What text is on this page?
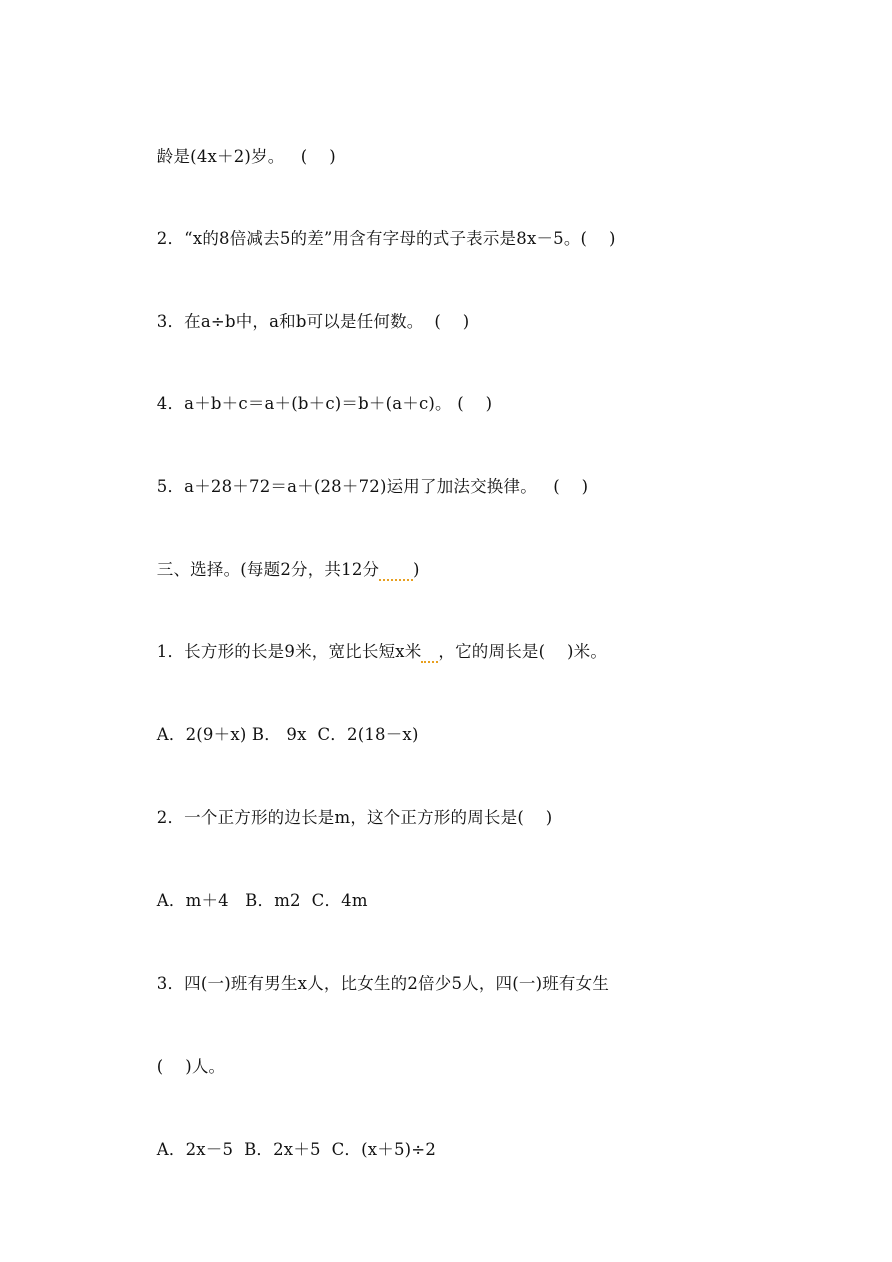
龄是(4x＋2)岁。   (    )

2．“x的8倍减去5的差”用含有字母的式子表示是8x－5。(    )

3．在a÷b中，a和b可以是任何数。  (    )

4．a＋b＋c＝a＋(b＋c)＝b＋(a＋c)。 (    )

5．a＋28＋72＝a＋(28＋72)运用了加法交换律。   (    )

三、选择。(每题2分，共12分 )

1．长方形的长是9米，宽比长短x米 ，它的周长是(    )米。

A．2(9＋x) B． 9x  C．2(18－x)

2．一个正方形的边长是m，这个正方形的周长是(    )

A．m＋4   B．m2  C．4m

3．四(一)班有男生x人，比女生的2倍少5人，四(一)班有女生

(    )人。

A．2x－5  B．2x＋5  C．(x＋5)÷2
